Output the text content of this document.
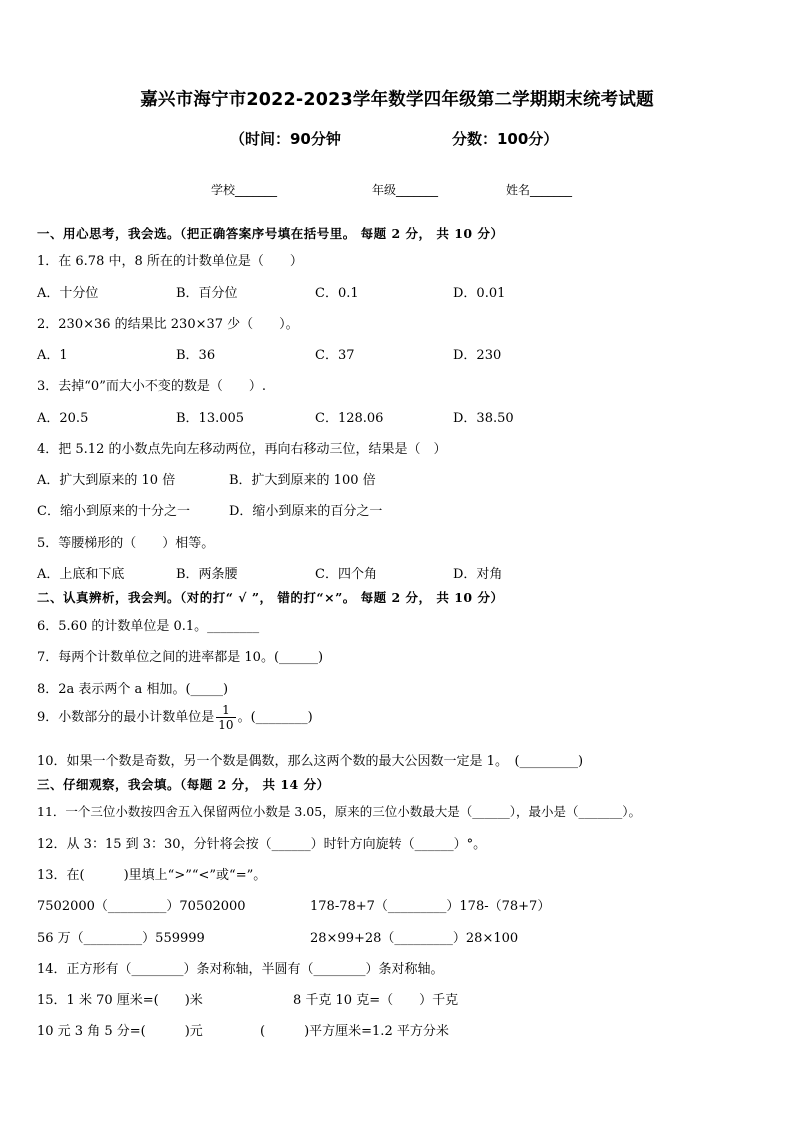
嘉兴市海宁市2022-2023学年数学四年级第二学期期末统考试题
（时间：90分钟	分数：100分）
学校_______	年级_______	姓名_______
一、用心思考，我会选。（把正确答案序号填在括号里。 每题 2 分， 共 10 分）
1．在 6.78 中，8 所在的计数单位是（　　）
A．十分位	B．百分位	C．0.1	D．0.01
2．230×36 的结果比 230×37 少（　　）。
A．1	B．36	C．37	D．230
3．去掉“0”而大小不变的数是（　　）.
A．20.5	B．13.005	C．128.06	D．38.50
4．把 5.12 的小数点先向左移动两位，再向右移动三位，结果是（　）
A．扩大到原来的 10 倍	B．扩大到原来的 100 倍
C．缩小到原来的十分之一	D．缩小到原来的百分之一
5．等腰梯形的（　　）相等。
A．上底和下底	B．两条腰	C．四个角	D．对角
二、认真辨析，我会判。（对的打“ √ ”， 错的打“×”。 每题 2 分， 共 10 分）
6．5.60 的计数单位是 0.1。________
7．每两个计数单位之间的进率都是 10。(______)
8．2a 表示两个 a 相加。(_____)
9．小数部分的最小计数单位是 $\frac{1}{10}$ 。(________)
10．如果一个数是奇数，另一个数是偶数，那么这两个数的最大公因数一定是 1。　(_________)
三、仔细观察，我会填。（每题 2 分， 共 14 分）
11．一个三位小数按四舍五入保留两位小数是 3.05，原来的三位小数最大是（______），最小是（_______）。
12．从 3：15 到 3：30，分针将会按（______）时针方向旋转（______）°。
13．在(　　　)里填上“>”“<”或“=”。
7502000（_________）70502000	178-78+7（_________）178-（78+7）
56 万（_________）559999	28×99+28（_________）28×100
14．正方形有（________）条对称轴，半圆有（________）条对称轴。
15．1 米 70 厘米=(　　)米	8 千克 10 克=（　　）千克
10 元 3 角 5 分=(　　　)元	(　　　)平方厘米=1.2 平方分米
